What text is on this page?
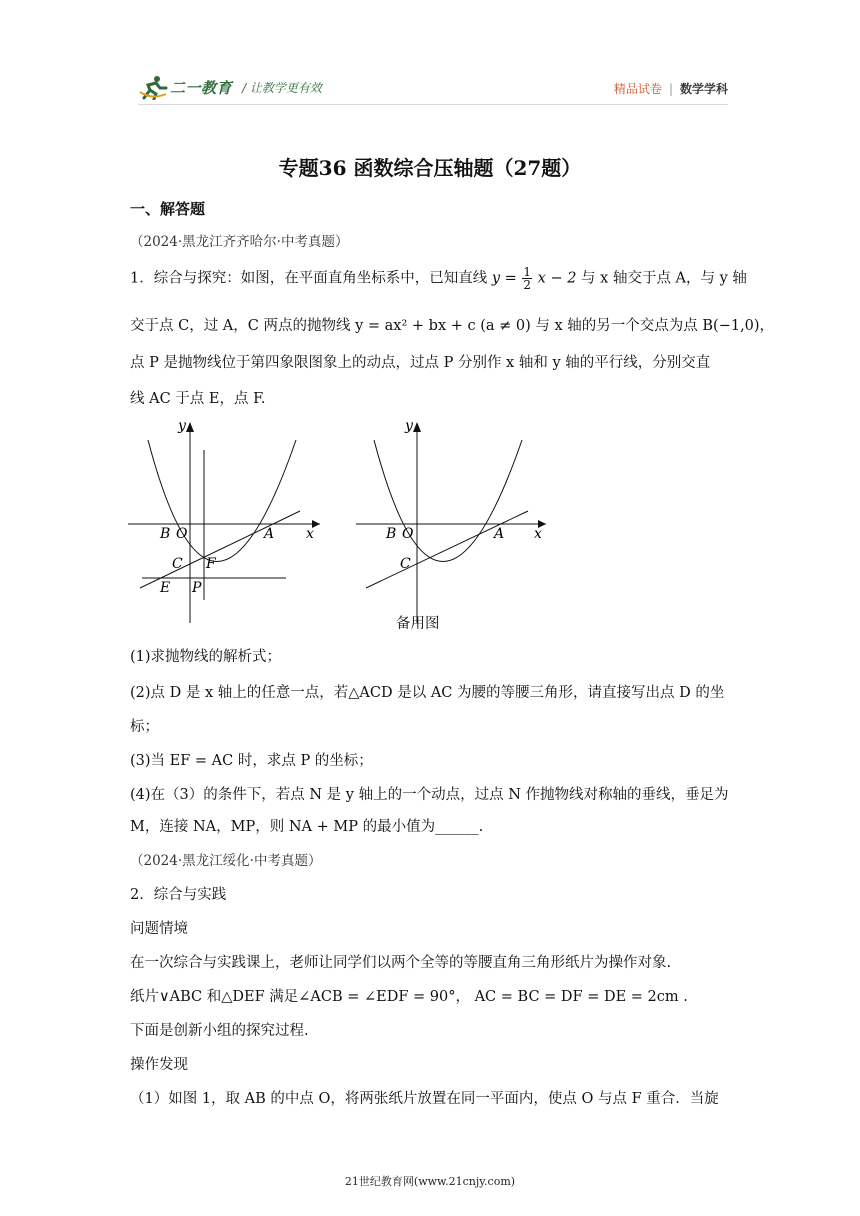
二一教育 / 让教学更有效	精品试卷 | 数学学科
专题36 函数综合压轴题（27题）
一、解答题
（2024·黑龙江齐齐哈尔·中考真题）
1．综合与探究：如图，在平面直角坐标系中，已知直线 $y = \frac{1}{2}$ x − 2 与 x 轴交于点 A，与 y 轴
交于点 C，过 A，C 两点的抛物线 y = ax² + bx + c (a ≠ 0) 与 x 轴的另一个交点为点 B(−1,0)，
点 P 是抛物线位于第四象限图象上的动点，过点 P 分别作 x 轴和 y 轴的平行线，分别交直
线 AC 于点 E，点 F.
y
x
B O	A
C F
E P
y
x
B O	A
C
备用图
(1)求抛物线的解析式；
(2)点 D 是 x 轴上的任意一点，若△ACD 是以 AC 为腰的等腰三角形，请直接写出点 D 的坐
标；
(3)当 EF = AC 时，求点 P 的坐标；
(4)在（3）的条件下，若点 N 是 y 轴上的一个动点，过点 N 作抛物线对称轴的垂线，垂足为
M，连接 NA，MP，则 NA + MP 的最小值为______.
（2024·黑龙江绥化·中考真题）
2．综合与实践
问题情境
在一次综合与实践课上，老师让同学们以两个全等的等腰直角三角形纸片为操作对象.
纸片∨ABC 和△DEF 满足∠ACB = ∠EDF = 90°， AC = BC = DF = DE = 2cm .
下面是创新小组的探究过程.
操作发现
（1）如图 1，取 AB 的中点 O，将两张纸片放置在同一平面内，使点 O 与点 F 重合．当旋
21世纪教育网(www.21cnjy.com)
